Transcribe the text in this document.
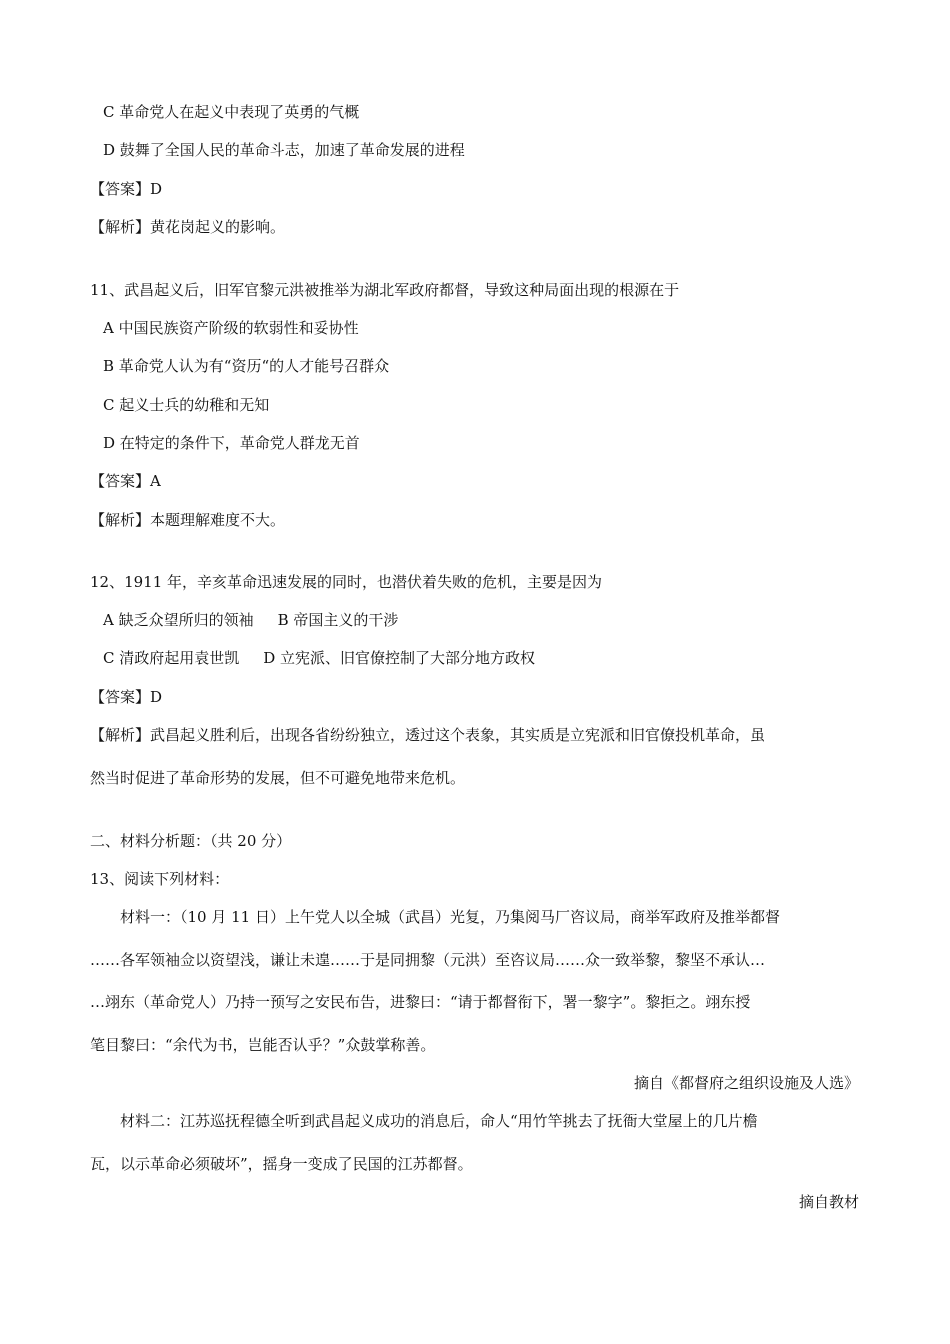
C 革命党人在起义中表现了英勇的气概
D 鼓舞了全国人民的革命斗志，加速了革命发展的进程
【答案】D
【解析】黄花岗起义的影响。
11、武昌起义后，旧军官黎元洪被推举为湖北军政府都督，导致这种局面出现的根源在于
A 中国民族资产阶级的软弱性和妥协性
B 革命党人认为有“资历“的人才能号召群众
C 起义士兵的幼稚和无知
D 在特定的条件下，革命党人群龙无首
【答案】A
【解析】本题理解难度不大。
12、1911 年，辛亥革命迅速发展的同时，也潜伏着失败的危机，主要是因为
A 缺乏众望所归的领袖 B 帝国主义的干涉
C 清政府起用袁世凯 D 立宪派、旧官僚控制了大部分地方政权
【答案】D
【解析】武昌起义胜利后，出现各省纷纷独立，透过这个表象，其实质是立宪派和旧官僚投机革命，虽
然当时促进了革命形势的发展，但不可避免地带来危机。
二、材料分析题：（共 20 分）
13、阅读下列材料：
材料一：（10 月 11 日）上午党人以全城（武昌）光复，乃集阅马厂咨议局，商举军政府及推举都督
……各军领袖佥以资望浅，谦让未遑……于是同拥黎（元洪）至咨议局……众一致举黎，黎坚不承认…
…翊东（革命党人）乃持一预写之安民布告，进黎曰：“请于都督衔下，署一黎字”。黎拒之。翊东授
笔目黎曰：“余代为书，岂能否认乎？”众鼓掌称善。
摘自《都督府之组织设施及人选》
材料二：江苏巡抚程德全听到武昌起义成功的消息后，命人“用竹竿挑去了抚衙大堂屋上的几片檐
瓦，以示革命必须破坏”，摇身一变成了民国的江苏都督。
摘自教材
